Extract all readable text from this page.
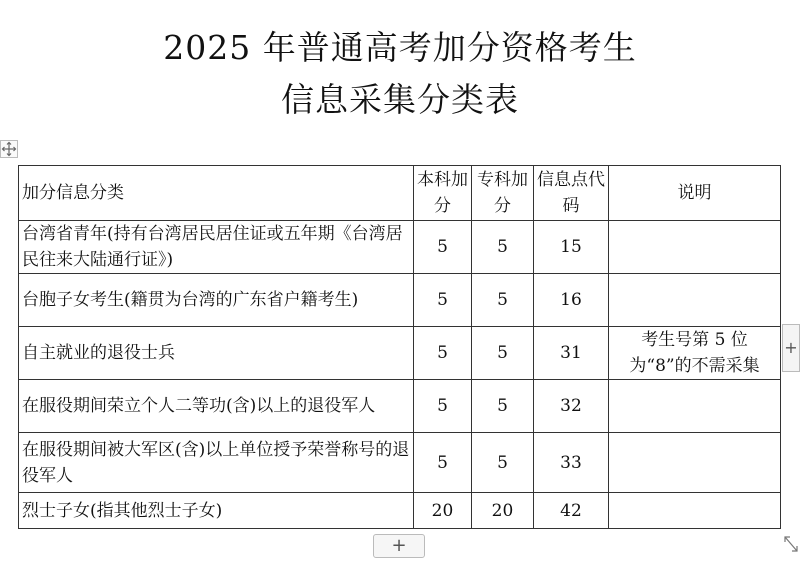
2025 年普通高考加分资格考生
信息采集分类表
加分信息分类	本科加分	专科加分	信息点代码	说明
台湾省青年(持有台湾居民居住证或五年期《台湾居民往来大陆通行证》)	5	5	15	
台胞子女考生(籍贯为台湾的广东省户籍考生)	5	5	16	
自主就业的退役士兵	5	5	31	考生号第 5 位为“8”的不需采集
在服役期间荣立个人二等功(含)以上的退役军人	5	5	32	
在服役期间被大军区(含)以上单位授予荣誉称号的退役军人	5	5	33	
烈士子女(指其他烈士子女)	20	20	42	
+
+
